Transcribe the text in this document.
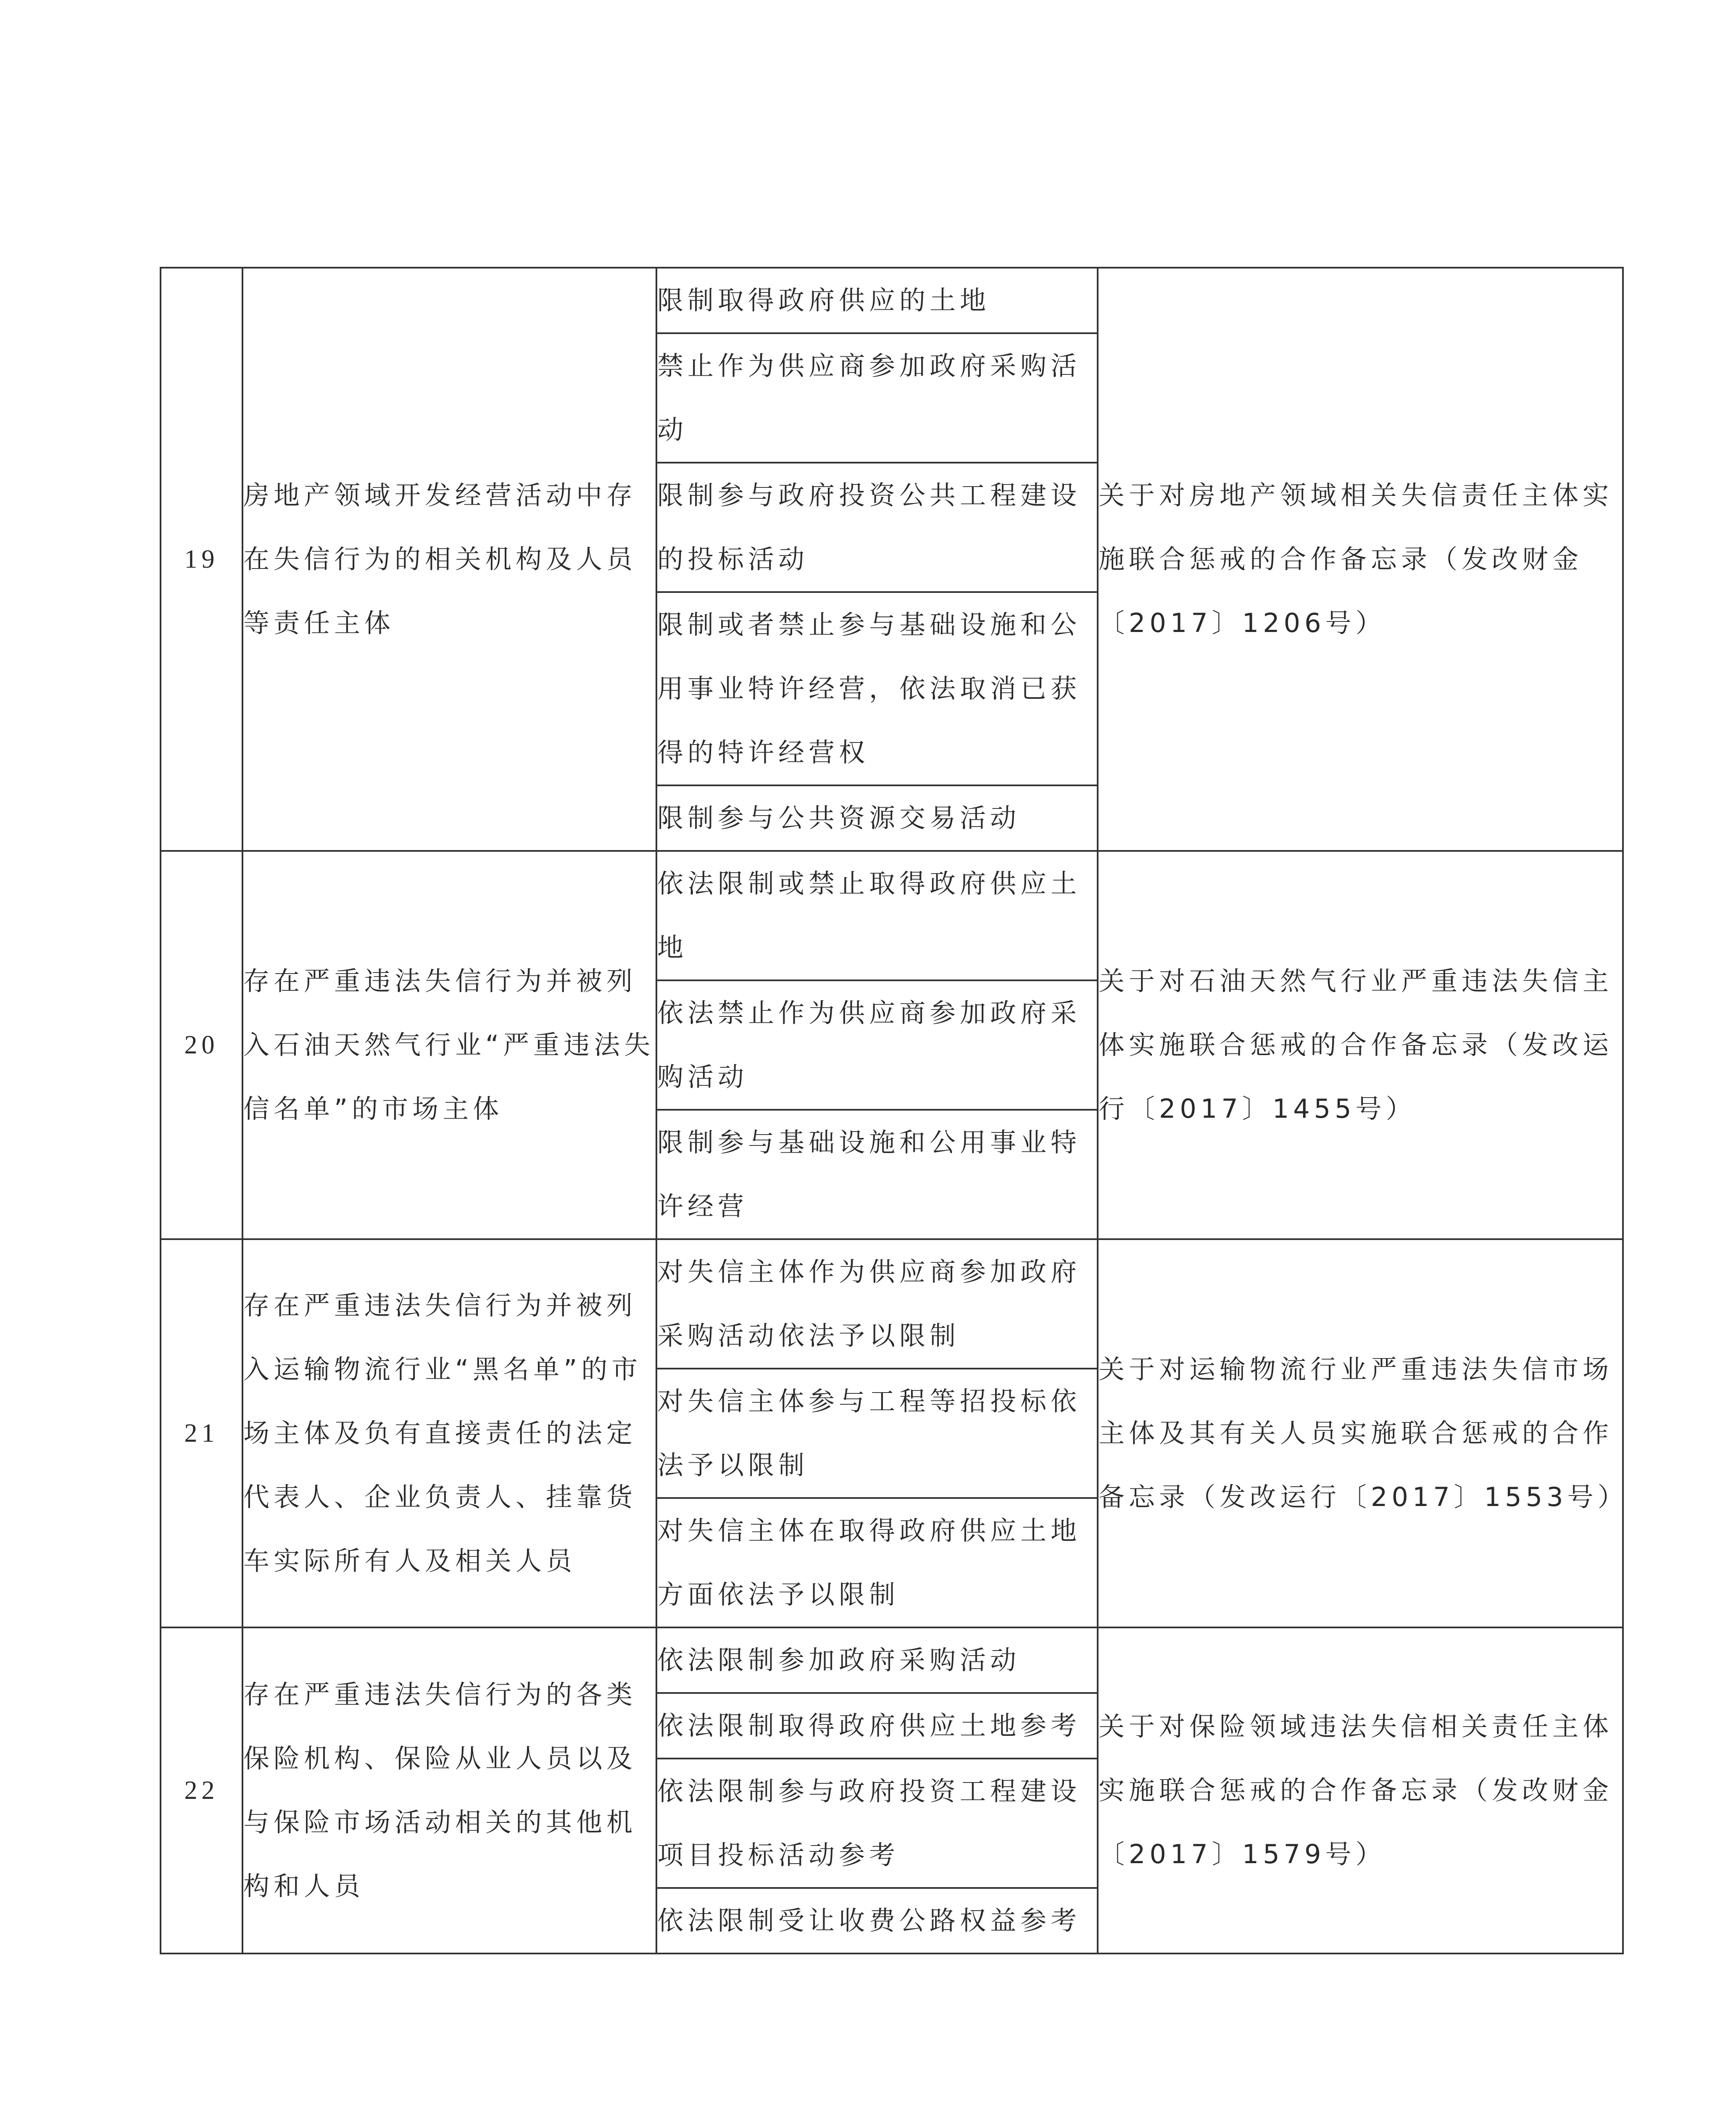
19	房地产领域开发经营活动中存在失信行为的相关机构及人员等责任主体	限制取得政府供应的土地	关于对房地产领域相关失信责任主体实施联合惩戒的合作备忘录（发改财金〔2017〕1206号）
		禁止作为供应商参加政府采购活动	
		限制参与政府投资公共工程建设的投标活动	
		限制或者禁止参与基础设施和公用事业特许经营，依法取消已获得的特许经营权	
		限制参与公共资源交易活动	
20	存在严重违法失信行为并被列入石油天然气行业“严重违法失信名单”的市场主体	依法限制或禁止取得政府供应土地	关于对石油天然气行业严重违法失信主体实施联合惩戒的合作备忘录（发改运行〔2017〕1455号）
		依法禁止作为供应商参加政府采购活动	
		限制参与基础设施和公用事业特许经营	
21	存在严重违法失信行为并被列入运输物流行业“黑名单”的市场主体及负有直接责任的法定代表人、企业负责人、挂靠货车实际所有人及相关人员	对失信主体作为供应商参加政府采购活动依法予以限制	关于对运输物流行业严重违法失信市场主体及其有关人员实施联合惩戒的合作备忘录（发改运行〔2017〕1553号）
		对失信主体参与工程等招投标依法予以限制	
		对失信主体在取得政府供应土地方面依法予以限制	
22	存在严重违法失信行为的各类保险机构、保险从业人员以及与保险市场活动相关的其他机构和人员	依法限制参加政府采购活动	关于对保险领域违法失信相关责任主体实施联合惩戒的合作备忘录（发改财金〔2017〕1579号）
		依法限制取得政府供应土地参考	
		依法限制参与政府投资工程建设项目投标活动参考	
		依法限制受让收费公路权益参考	
